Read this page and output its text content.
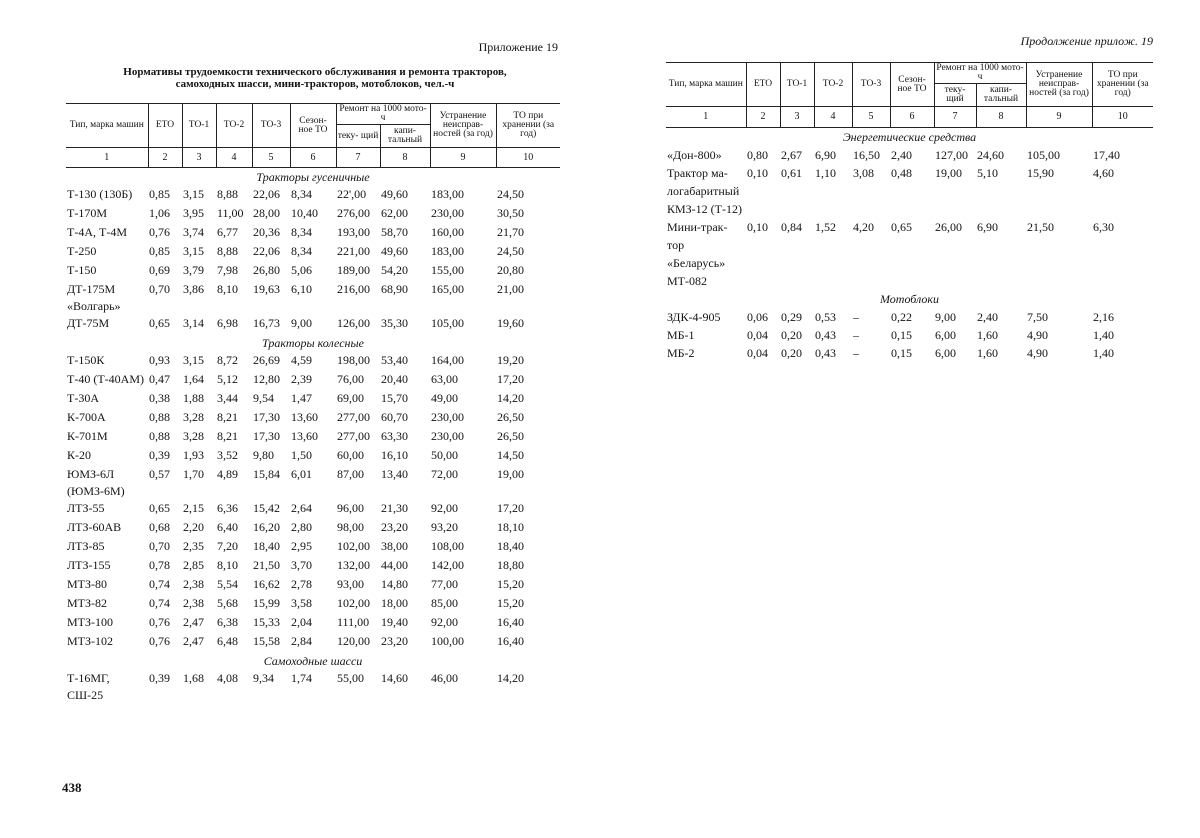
Приложение 19
Нормативы трудоемкости технического обслуживания и ремонта тракторов,
самоходных шасси, мини-тракторов, мотоблоков, чел.-ч
Тип, марка машин	ЕТО	ТО-1	ТО-2	ТО-3	Сезон- ное ТО	Ремонт на 1000 мото-ч		Устранение неисправ- ностей (за год)	ТО при хранении (за год)
						теку- щий	капи- тальный		
1	2	3	4	5	6	7	8	9	10
Тракторы гусеничные									
Т-130 (130Б)	0,85	3,15	8,88	22,06	8,34	22',00	49,60	183,00	24,50
Т-170М	1,06	3,95	11,00	28,00	10,40	276,00	62,00	230,00	30,50
Т-4А, Т-4М	0,76	3,74	6,77	20,36	8,34	193,00	58,70	160,00	21,70
Т-250	0,85	3,15	8,88	22,06	8,34	221,00	49,60	183,00	24,50
Т-150	0,69	3,79	7,98	26,80	5,06	189,00	54,20	155,00	20,80
ДТ-175М «Волгарь»	0,70	3,86	8,10	19,63	6,10	216,00	68,90	165,00	21,00
ДТ-75М	0,65	3,14	6,98	16,73	9,00	126,00	35,30	105,00	19,60
Тракторы колесные									
Т-150К	0,93	3,15	8,72	26,69	4,59	198,00	53,40	164,00	19,20
Т-40 (Т-40АМ)	0,47	1,64	5,12	12,80	2,39	76,00	20,40	63,00	17,20
Т-30А	0,38	1,88	3,44	9,54	1,47	69,00	15,70	49,00	14,20
К-700А	0,88	3,28	8,21	17,30	13,60	277,00	60,70	230,00	26,50
К-701М	0,88	3,28	8,21	17,30	13,60	277,00	63,30	230,00	26,50
К-20	0,39	1,93	3,52	9,80	1,50	60,00	16,10	50,00	14,50
ЮМЗ-6Л (ЮМЗ-6М)	0,57	1,70	4,89	15,84	6,01	87,00	13,40	72,00	19,00
ЛТЗ-55	0,65	2,15	6,36	15,42	2,64	96,00	21,30	92,00	17,20
ЛТЗ-60АВ	0,68	2,20	6,40	16,20	2,80	98,00	23,20	93,20	18,10
ЛТЗ-85	0,70	2,35	7,20	18,40	2,95	102,00	38,00	108,00	18,40
ЛТЗ-155	0,78	2,85	8,10	21,50	3,70	132,00	44,00	142,00	18,80
МТЗ-80	0,74	2,38	5,54	16,62	2,78	93,00	14,80	77,00	15,20
МТЗ-82	0,74	2,38	5,68	15,99	3,58	102,00	18,00	85,00	15,20
МТЗ-100	0,76	2,47	6,38	15,33	2,04	111,00	19,40	92,00	16,40
МТЗ-102	0,76	2,47	6,48	15,58	2,84	120,00	23,20	100,00	16,40
Самоходные шасси									
Т-16МГ, СШ-25	0,39	1,68	4,08	9,34	1,74	55,00	14,60	46,00	14,20
438
Продолжение прилож. 19
Тип, марка машин	ЕТО	ТО-1	ТО-2	ТО-3	Сезон- ное ТО	Ремонт на 1000 мото-ч		Устранение неисправ- ностей (за год)	ТО при хранении (за год)
						теку- щий	капи- тальный		
1	2	3	4	5	6	7	8	9	10
Энергетические средства									
«Дон-800»	0,80	2,67	6,90	16,50	2,40	127,00	24,60	105,00	17,40
Трактор ма- логабаритный КМЗ-12 (Т-12)	0,10	0,61	1,10	3,08	0,48	19,00	5,10	15,90	4,60
Мини-трак- тор «Беларусь» МТ-082	0,10	0,84	1,52	4,20	0,65	26,00	6,90	21,50	6,30
Мотоблоки									
ЗДК-4-905	0,06	0,29	0,53	–	0,22	9,00	2,40	7,50	2,16
МБ-1	0,04	0,20	0,43	–	0,15	6,00	1,60	4,90	1,40
МБ-2	0,04	0,20	0,43	–	0,15	6,00	1,60	4,90	1,40
